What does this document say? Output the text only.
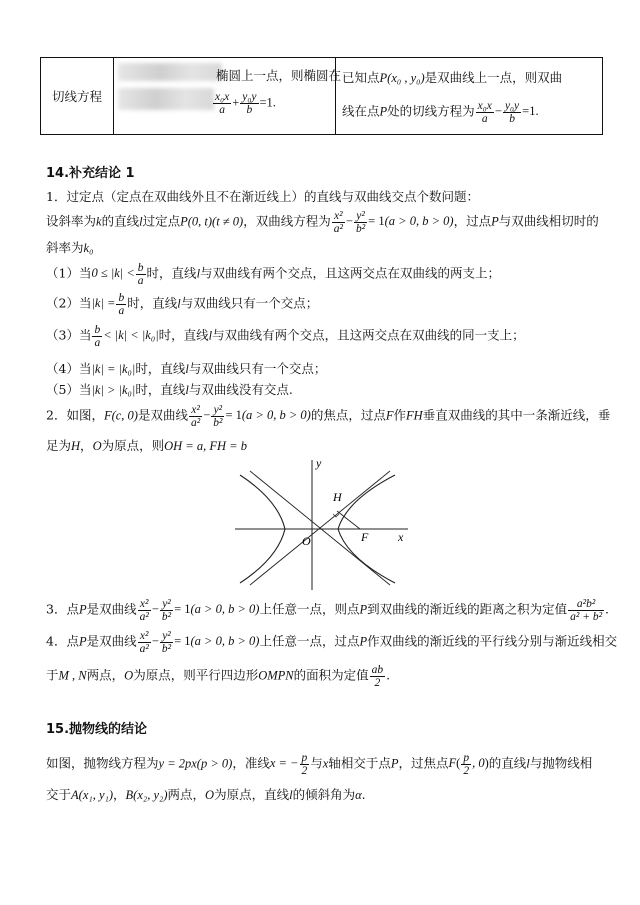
切线方程
椭圆上一点，则椭圆在
$\frac{\text{x₀x}}{a} + \frac{\text{y₀y}}{b} =1$.
已知点P(x₀ , y₀)是双曲线上一点，则双曲
线在点P处的切线方程为 $\frac{\text{x₀x}}{a} - \frac{\text{y₀y}}{b} =1$.
14.补充结论 1
1．过定点（定点在双曲线外且不在渐近线上）的直线与双曲线交点个数问题：
设斜率为k的直线l过定点P(0, t)(t ≠ 0)，双曲线方程为 $\frac{\text{x²}}{\text{a²}} - \frac{\text{y²}}{\text{b²}} = 1(a > 0$, b > 0)，过点P与双曲线相切时的
斜率为k₀
（1）当$0 \le |k| < \frac{b}{a}$ 时，直线l与双曲线有两个交点，且这两交点在双曲线的两支上；
（2）当$|k| = \frac{b}{a}$ 时，直线l与双曲线只有一个交点；
（3）当 $\frac{b}{a} < |k| < |k_0|$时，直线l与双曲线有两个交点，且这两交点在双曲线的同一支上；
（4）当|k| = |k₀|时，直线l与双曲线只有一个交点；
（5）当|k| > |k₀|时，直线l与双曲线没有交点.
2．如图，F(c, 0)是双曲线 $\frac{\text{x²}}{\text{a²}} - \frac{\text{y²}}{\text{b²}} = 1(a > 0$, b > 0)的焦点，过点F作FH垂直双曲线的其中一条渐近线，垂
足为H，O为原点，则OH = a, FH = b
y
x
O
H
F
3．点P是双曲线 $\frac{\text{x²}}{\text{a²}} - \frac{\text{y²}}{\text{b²}} = 1(a > 0$, b > 0)上任意一点，则点P到双曲线的渐近线的距离之积为定值 $\frac{\text{a²b²}}{\text{a² + b²}}$ .
4．点P是双曲线 $\frac{\text{x²}}{\text{a²}} - \frac{\text{y²}}{\text{b²}} = 1(a > 0$, b > 0)上任意一点，过点P作双曲线的渐近线的平行线分别与渐近线相交
于M , N两点，O为原点，则平行四边形OMPN的面积为定值 $\frac{ab}{2}$ .
15.抛物线的结论
如图，抛物线方程为y = 2px(p > 0)，准线x = − $\frac{p}{2}$ 与x轴相交于点P，过焦点$F( \frac{p}{2}$ , 0)的直线l与抛物线相
交于A(x₁, y₁)，B(x₂, y₂)两点，O为原点，直线l的倾斜角为α.
